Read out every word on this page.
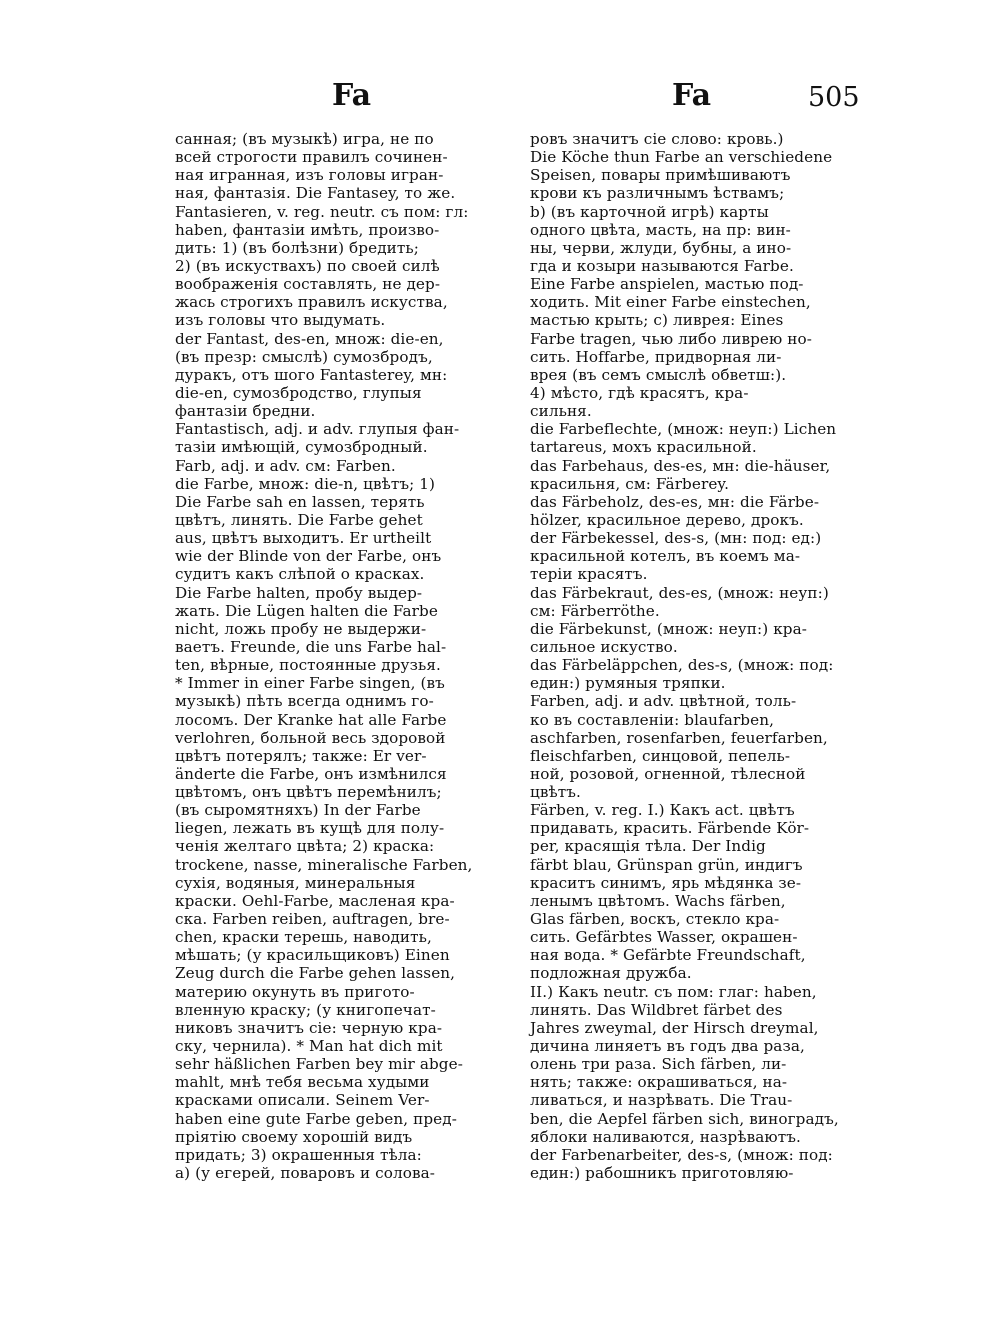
Fa	Fa	505
санная; (въ музыкѣ) игра, не по
всей строгости правилъ сочинен-
ная игранная, изъ головы игран-
ная, фантазія. Die Fantasey, то же.
Fantasieren, v. reg. neutr. съ пом: гл:
haben, фантазіи имѣть, произво-
дить: 1) (въ болѣзни) бредить;
2) (въ искуствахъ) по своей силѣ
воображенія составлять, не дер-
жась строгихъ правилъ искуства,
изъ головы что выдумать.
der Fantast, des-en, множ: die-en,
(въ презр: смыслѣ) сумозбродъ,
дуракъ, отъ шого Fantasterey, мн:
die-en, сумозбродство, глупыя
фантазіи бредни.
Fantastisch, adj. и adv. глупыя фан-
тазіи имѣющій, сумозбродный.
Farb, adj. и adv. см: Farben.
die Farbe, множ: die-n, цвѣтъ; 1)
Die Farbe sah en lassen, терять
цвѣтъ, линять. Die Farbe gehet
aus, цвѣтъ выходитъ. Er urtheilt
wie der Blinde von der Farbe, онъ
судитъ какъ слѣпой о красках.
Die Farbe halten, пробу выдер-
жать. Die Lügen halten die Farbe
nicht, ложь пробу не выдержи-
ваетъ. Freunde, die uns Farbe hal-
ten, вѣрные, постоянные друзья.
* Immer in einer Farbe singen, (въ
музыкѣ) пѣть всегда однимъ го-
лосомъ. Der Kranke hat alle Farbe
verlohren, больной весь здоровой
цвѣтъ потерялъ; также: Er ver-
änderte die Farbe, онъ измѣнился
цвѣтомъ, онъ цвѣтъ перемѣнилъ;
(въ сыромятняхъ) In der Farbe
liegen, лежать въ кущѣ для полу-
ченія желтаго цвѣта; 2) краска:
trockene, nasse, mineralische Farben,
сухія, водяныя, минеральныя
краски. Oehl-Farbe, масленая кра-
ска. Farben reiben, auftragen, bre-
chen, краски терешь, наводить,
мѣшать; (у красильщиковъ) Einen
Zeug durch die Farbe gehen lassen,
материю окунуть въ пригото-
вленную краску; (у книгопечат-
никовъ значитъ сіе: черную кра-
ску, чернила). * Man hat dich mit
sehr häßlichen Farben bey mir abge-
mahlt, мнѣ тебя весьма худыми
красками описали. Seinem Ver-
haben eine gute Farbe geben, пред-
пріятію своему хорошій видъ
придать; 3) окрашенныя тѣла:
a) (у егерей, поваровъ и солова-
ровъ значитъ сіе слово: кровь.)
Die Köche thun Farbe an verschiedene
Speisen, повары примѣшиваютъ
крови къ различнымъ ѣствамъ;
b) (въ карточной игрѣ) карты
одного цвѣта, масть, на пр: вин-
ны, черви, жлуди, бубны, а ино-
гда и козыри называются Farbe.
Eine Farbe anspielen, мастью под-
ходить. Mit einer Farbe einstechen,
мастью крыть; c) ливрея: Eines
Farbe tragen, чью либо ливрею но-
сить. Hoffarbe, придворная ли-
врея (въ семъ смыслѣ обветш:).
4) мѣсто, гдѣ красятъ, кра-
сильня.
die Farbeflechte, (множ: неуп:) Lichen
tartareus, мохъ красильной.
das Farbehaus, des-es, мн: die-häuser,
красильня, см: Färberey.
das Färbeholz, des-es, мн: die Färbe-
hölzer, красильное дерево, дрокъ.
der Färbekessel, des-s, (мн: под: ед:)
красильной котелъ, въ коемъ ма-
теріи красятъ.
das Färbekraut, des-es, (множ: неуп:)
см: Färberröthe.
die Färbekunst, (множ: неуп:) кра-
сильное искуство.
das Färbeläppchen, des-s, (множ: под:
един:) румяныя тряпки.
Farben, adj. и adv. цвѣтной, толь-
ко въ составленіи: blaufarben,
aschfarben, rosenfarben, feuerfarben,
fleischfarben, синцовой, пепель-
ной, розовой, огненной, тѣлесной
цвѣтъ.
Färben, v. reg. I.) Какъ act. цвѣтъ
придавать, красить. Färbende Kör-
per, красящія тѣла. Der Indig
färbt blau, Grünspan grün, индигъ
краситъ синимъ, ярь мѣдянка зе-
ленымъ цвѣтомъ. Wachs färben,
Glas färben, воскъ, стекло кра-
сить. Gefärbtes Wasser, окрашен-
ная вода. * Gefärbte Freundschaft,
подложная дружба.
II.) Какъ neutr. съ пом: глаг: haben,
линять. Das Wildbret färbet des
Jahres zweymal, der Hirsch dreymal,
дичина линяетъ въ годъ два раза,
олень три раза. Sich färben, ли-
нять; также: окрашиваться, на-
ливаться, и назрѣвать. Die Trau-
ben, die Aepfel färben sich, виноградъ,
яблоки наливаются, назрѣваютъ.
der Farbenarbeiter, des-s, (множ: под:
един:) рабошникъ приготовляю-
